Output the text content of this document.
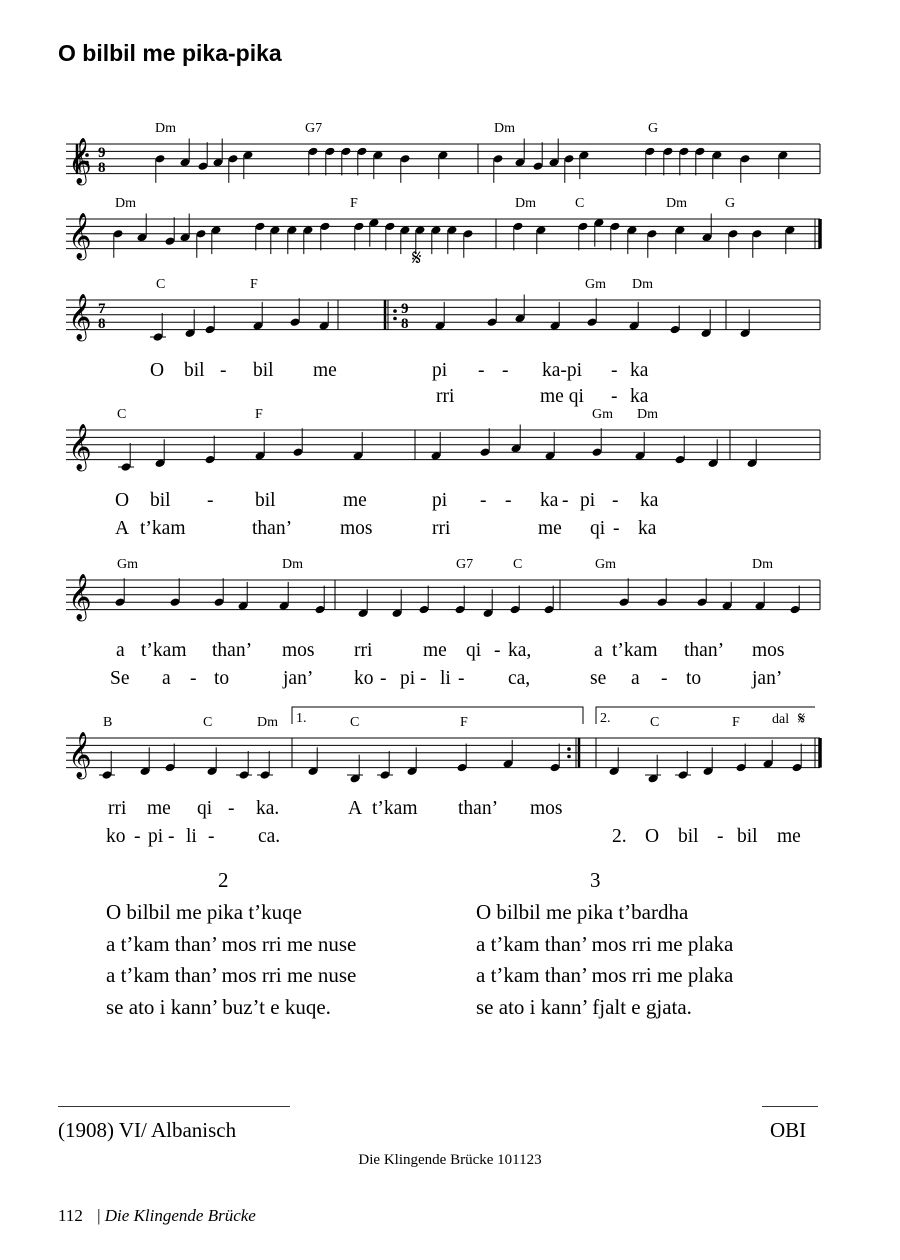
O bilbil me pika-pika
𝄞 9
8
Dm	G7	Dm	G
𝄞
Dm	F	Dm	C	Dm	G
𝄞 7
8
9
8
𝄋
C	F	Gm Dm
𝄞
C	F	Gm Dm
𝄞
Gm	Dm	G7	C	Gm	Dm
𝄞
B	C	Dm	C	F	C	F
1.	2.	dal 𝄋
O bil - bil me	pi - - ka-pi - ka
rri	me qi - ka
O bil - bil	me	pi - - ka - pi - ka
A t’kam	than’ mos	rri	me qi - ka
a t’kam than’ mos rri	me qi - ka,	a t’kam than’ mos
Se a - to	jan’ ko - pi - li - ca,	se a - to	jan’
rri me qi - ka.	A t’kam than’ mos
ko - pi - li - ca.	2. O bil - bil me
2
O bilbil me pika t’kuqe
a t’kam than’ mos rri me nuse
a t’kam than’ mos rri me nuse
se ato i kann’ buz’t e kuqe.
3
O bilbil me pika t’bardha
a t’kam than’ mos rri me plaka
a t’kam than’ mos rri me plaka
se ato i kann’ fjalt e gjata.
(1908) VI/ Albanisch	OBI
Die Klingende Brücke 101123
112 | Die Klingende Brücke
